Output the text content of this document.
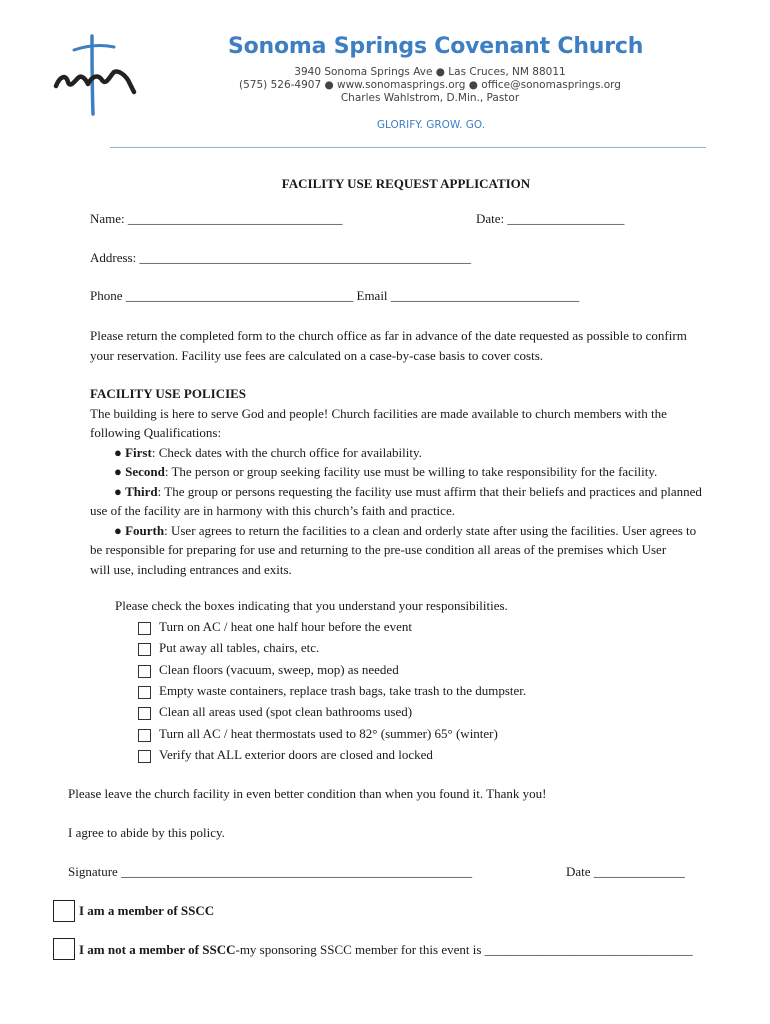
Sonoma Springs Covenant Church
3940 Sonoma Springs Ave ● Las Cruces, NM 88011
(575) 526-4907 ● www.sonomasprings.org ● office@sonomasprings.org
Charles Wahlstrom, D.Min., Pastor
GLORIFY. GROW. GO.
FACILITY USE REQUEST APPLICATION
Name: _________________________________	Date: __________________
Address: ___________________________________________________
Phone ___________________________________ Email _____________________________
Please return the completed form to the church office as far in advance of the date requested as possible to confirm
your reservation. Facility use fees are calculated on a case-by-case basis to cover costs.
FACILITY USE POLICIES
The building is here to serve God and people! Church facilities are made available to church members with the
following Qualifications:
● First: Check dates with the church office for availability.
● Second: The person or group seeking facility use must be willing to take responsibility for the facility.
● Third: The group or persons requesting the facility use must affirm that their beliefs and practices and planned
use of the facility are in harmony with this church’s faith and practice.
● Fourth: User agrees to return the facilities to a clean and orderly state after using the facilities. User agrees to
be responsible for preparing for use and returning to the pre-use condition all areas of the premises which User
will use, including entrances and exits.
Please check the boxes indicating that you understand your responsibilities.
Turn on AC / heat one half hour before the event
Put away all tables, chairs, etc.
Clean floors (vacuum, sweep, mop) as needed
Empty waste containers, replace trash bags, take trash to the dumpster.
Clean all areas used (spot clean bathrooms used)
Turn all AC / heat thermostats used to 82° (summer) 65° (winter)
Verify that ALL exterior doors are closed and locked
Please leave the church facility in even better condition than when you found it. Thank you!
I agree to abide by this policy.
Signature ______________________________________________________	Date ______________
I am a member of SSCC
I am not a member of SSCC-my sponsoring SSCC member for this event is ________________________________
